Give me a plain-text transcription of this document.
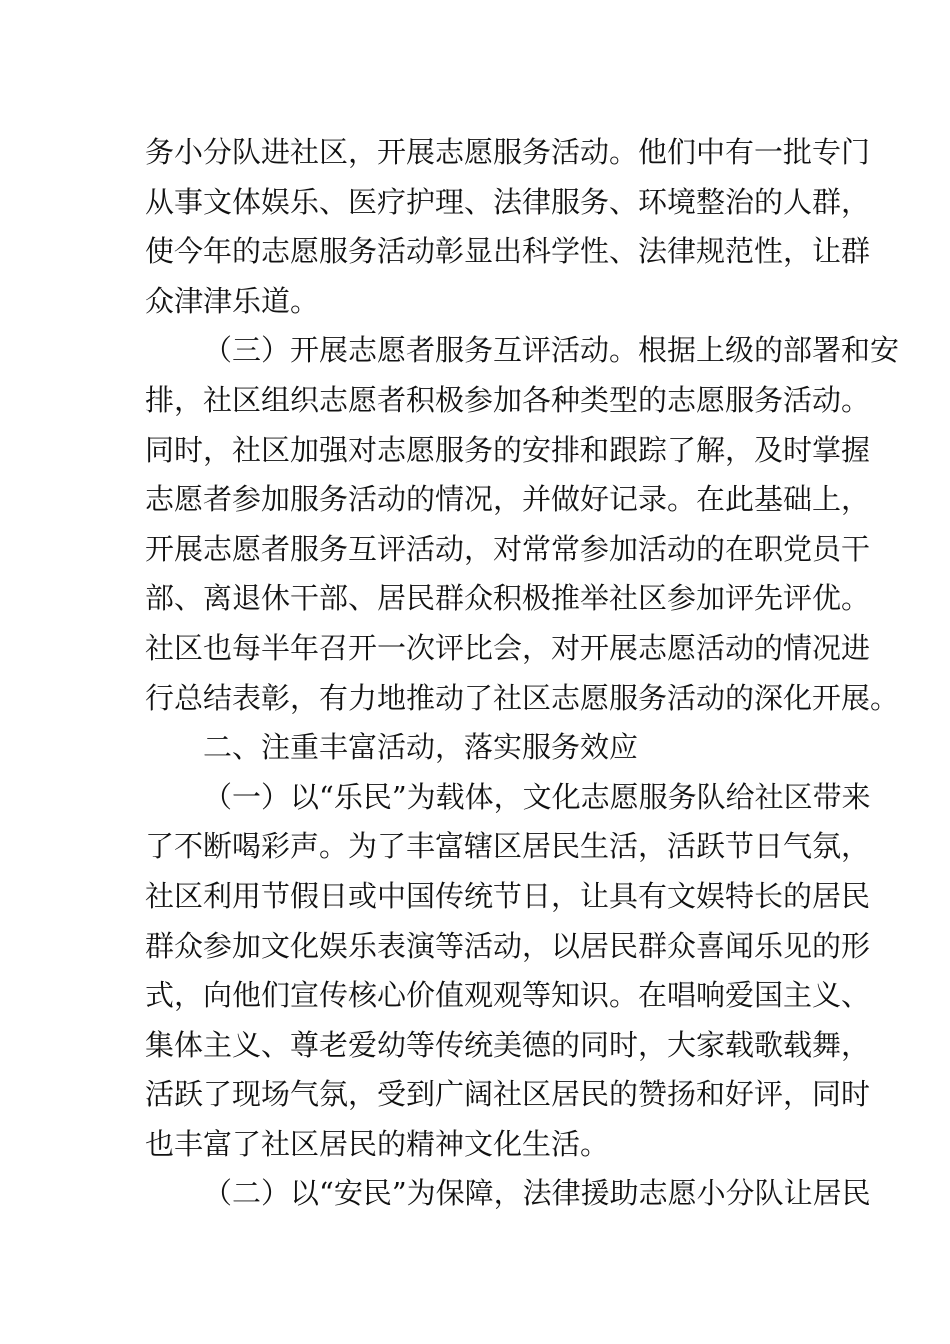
务小分队进社区，开展志愿服务活动。他们中有一批专门
从事文体娱乐、医疗护理、法律服务、环境整治的人群，
使今年的志愿服务活动彰显出科学性、法律规范性，让群
众津津乐道。
（三）开展志愿者服务互评活动。根据上级的部署和安
排，社区组织志愿者积极参加各种类型的志愿服务活动。
同时，社区加强对志愿服务的安排和跟踪了解，及时掌握
志愿者参加服务活动的情况，并做好记录。在此基础上，
开展志愿者服务互评活动，对常常参加活动的在职党员干
部、离退休干部、居民群众积极推举社区参加评先评优。
社区也每半年召开一次评比会，对开展志愿活动的情况进
行总结表彰，有力地推动了社区志愿服务活动的深化开展。
二、注重丰富活动，落实服务效应
（一）以“乐民”为载体，文化志愿服务队给社区带来
了不断喝彩声。为了丰富辖区居民生活，活跃节日气氛，
社区利用节假日或中国传统节日，让具有文娱特长的居民
群众参加文化娱乐表演等活动，以居民群众喜闻乐见的形
式，向他们宣传核心价值观观等知识。在唱响爱国主义、
集体主义、尊老爱幼等传统美德的同时，大家载歌载舞，
活跃了现场气氛，受到广阔社区居民的赞扬和好评，同时
也丰富了社区居民的精神文化生活。
（二）以“安民”为保障，法律援助志愿小分队让居民
